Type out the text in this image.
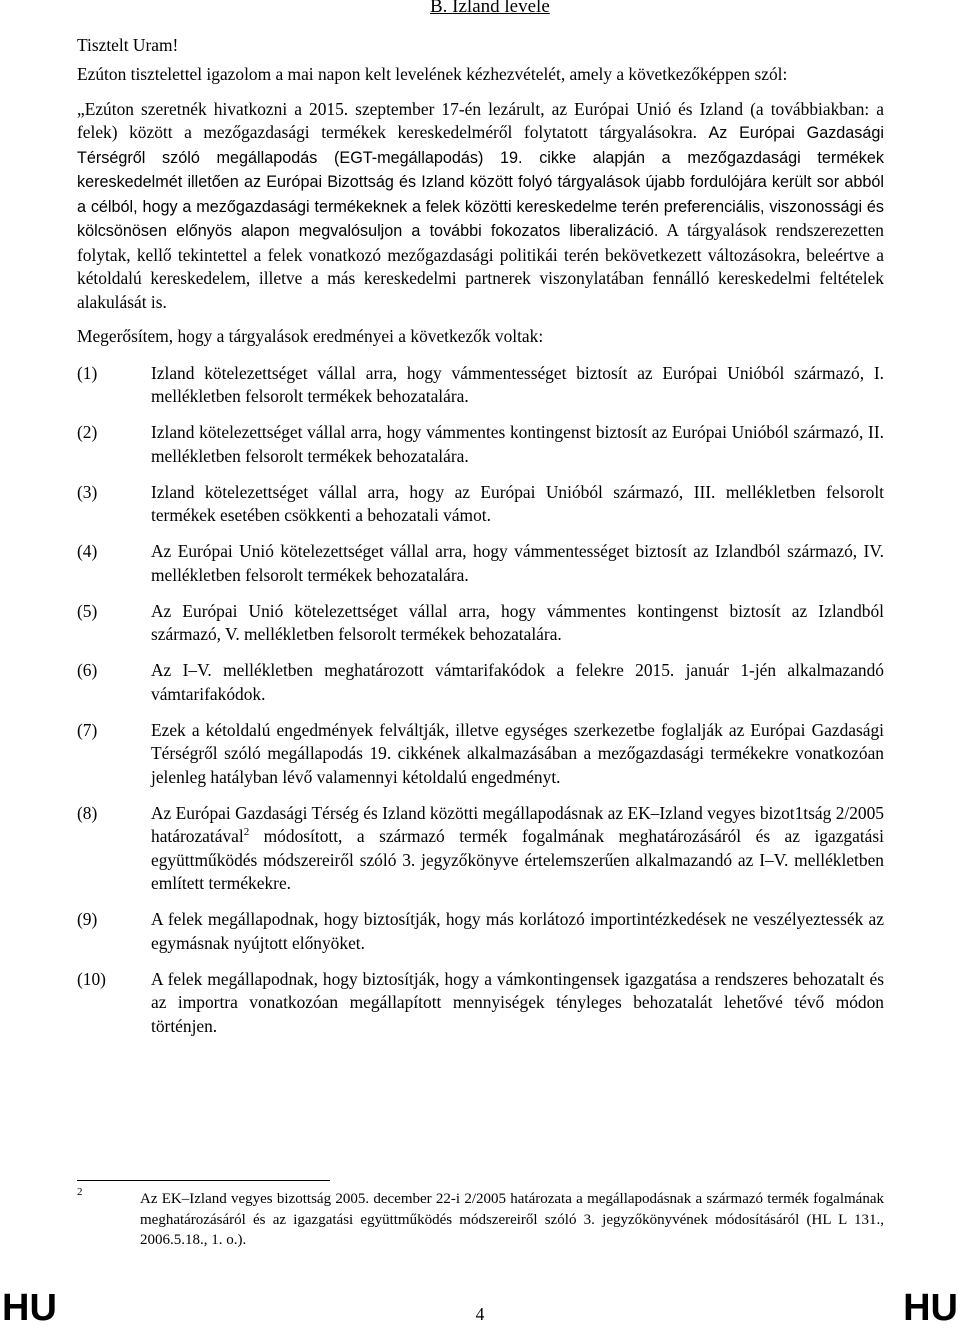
B. Izland levele
Tisztelt Uram!

Ezúton tisztelettel igazolom a mai napon kelt levelének kézhezvételét, amely a következőképpen szól:

„Ezúton szeretnék hivatkozni a 2015. szeptember 17-én lezárult, az Európai Unió és Izland (a továbbiakban: a felek) között a mezőgazdasági termékek kereskedelméről folytatott tárgyalásokra. Az Európai Gazdasági Térségről szóló megállapodás (EGT-megállapodás) 19. cikke alapján a mezőgazdasági termékek kereskedelmét illetően az Európai Bizottság és Izland között folyó tárgyalások újabb fordulójára került sor abból a célból, hogy a mezőgazdasági termékeknek a felek közötti kereskedelme terén preferenciális, viszonossági és kölcsönösen előnyös alapon megvalósuljon a további fokozatos liberalizáció. A tárgyalások rendszerezetten folytak, kellő tekintettel a felek vonatkozó mezőgazdasági politikái terén bekövetkezett változásokra, beleértve a kétoldalú kereskedelem, illetve a más kereskedelmi partnerek viszonylatában fennálló kereskedelmi feltételek alakulását is.

Megerősítem, hogy a tárgyalások eredményei a következők voltak:

(1)	Izland kötelezettséget vállal arra, hogy vámmentességet biztosít az Európai Unióból származó, I. mellékletben felsorolt termékek behozatalára.
(2)	Izland kötelezettséget vállal arra, hogy vámmentes kontingenst biztosít az Európai Unióból származó, II. mellékletben felsorolt termékek behozatalára.
(3)	Izland kötelezettséget vállal arra, hogy az Európai Unióból származó, III. mellékletben felsorolt termékek esetében csökkenti a behozatali vámot.
(4)	Az Európai Unió kötelezettséget vállal arra, hogy vámmentességet biztosít az Izlandból származó, IV. mellékletben felsorolt termékek behozatalára.
(5)	Az Európai Unió kötelezettséget vállal arra, hogy vámmentes kontingenst biztosít az Izlandból származó, V. mellékletben felsorolt termékek behozatalára.
(6)	Az I–V. mellékletben meghatározott vámtarifakódok a felekre 2015. január 1-jén alkalmazandó vámtarifakódok.
(7)	Ezek a kétoldalú engedmények felváltják, illetve egységes szerkezetbe foglalják az Európai Gazdasági Térségről szóló megállapodás 19. cikkének alkalmazásában a mezőgazdasági termékekre vonatkozóan jelenleg hatályban lévő valamennyi kétoldalú engedményt.
(8)	Az Európai Gazdasági Térség és Izland közötti megállapodásnak az EK–Izland vegyes bizot1tság 2/2005 határozatával$^2$ módosított, a származó termék fogalmának meghatározásáról és az igazgatási együttműködés módszereiről szóló 3. jegyzőkönyve értelemszerűen alkalmazandó az I–V. mellékletben említett termékekre.
(9)	A felek megállapodnak, hogy biztosítják, hogy más korlátozó importintézkedések ne veszélyeztessék az egymásnak nyújtott előnyöket.
(10)	A felek megállapodnak, hogy biztosítják, hogy a vámkontingensek igazgatása a rendszeres behozatalt és az importra vonatkozóan megállapított mennyiségek tényleges behozatalát lehetővé tévő módon történjen.
2	Az EK–Izland vegyes bizottság 2005. december 22-i 2/2005 határozata a megállapodásnak a származó termék fogalmának meghatározásáról és az igazgatási együttműködés módszereiről szóló 3. jegyzőkönyvének módosításáról (HL L 131., 2006.5.18., 1. o.).
HU	4	HU
